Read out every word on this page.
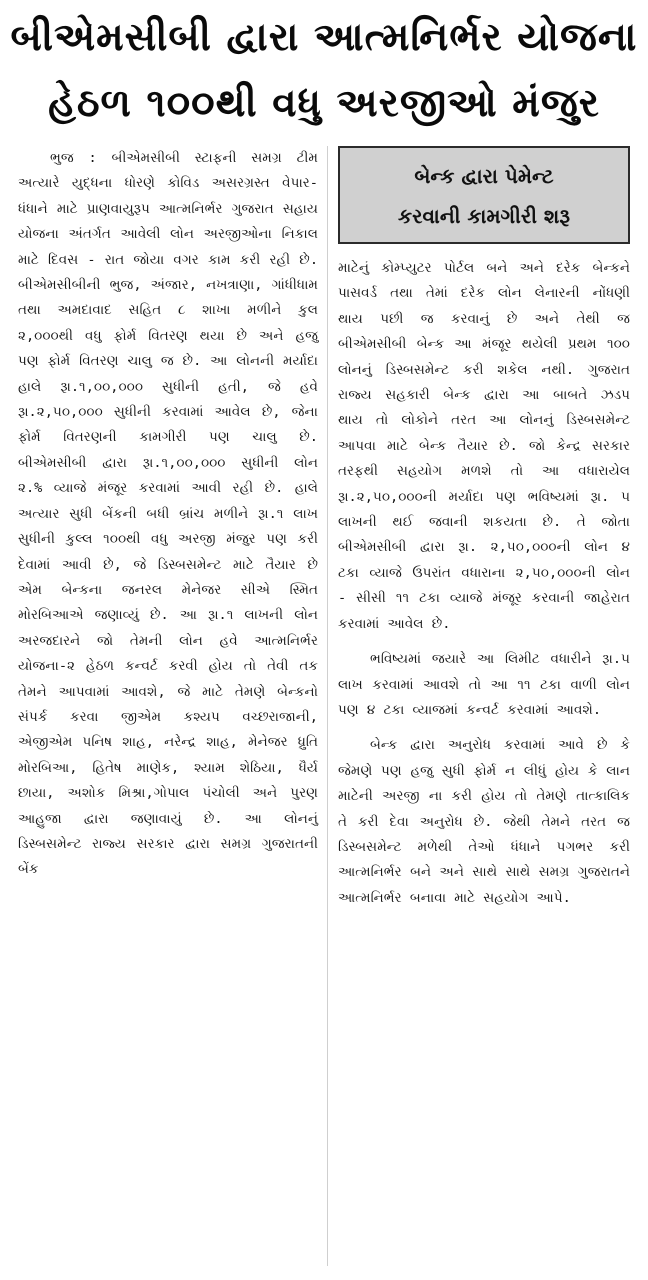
બીએમસીબી દ્વારા આત્મનિર્ભર યોજના
હેઠળ ૧૦૦થી વધુ અરજીઓ મંજુર

ભુજ : બીએમસીબી સ્ટાફની સમગ્ર ટીમ અત્યારે યુદ્ધના ધોરણે કોવિડ અસરગ્રસ્ત વેપાર-ધંધાને માટે પ્રાણવાયુરૂપ આત્મનિર્ભર ગુજરાત સહાય યોજના અંતર્ગત આવેલી લોન અરજીઓના નિકાલ માટે દિવસ - રાત જોયા વગર કામ કરી રહી છે. બીએમસીબીની ભુજ, અંજાર, નખત્રાણા, ગાંધીધામ તથા અમદાવાદ સહિત ૮ શાખા મળીને કુલ ૨,૦૦૦થી વધુ ફોર્મ વિતરણ થયા છે અને હજુ પણ ફોર્મ વિતરણ ચાલુ જ છે. આ લોનની મર્યાદા હાલે રૂા.૧,૦૦,૦૦૦ સુધીની હતી, જે હવે રૂા.૨,૫૦,૦૦૦ સુધીની કરવામાં આવેલ છે, જેના ફોર્મ વિતરણની કામગીરી પણ ચાલુ છે. બીએમસીબી દ્વારા રૂા.૧,૦૦,૦૦૦ સુધીની લોન ૨.% વ્યાજે મંજૂર કરવામાં આવી રહી છે. હાલે અત્યાર સુધી બેંકની બધી બ્રાંચ મળીને રૂા.૧ લાખ સુધીની કુલ્લ ૧૦૦થી વધુ અરજી મંજુર પણ કરી દેવામાં આવી છે, જે ડિસ્બસમેન્ટ માટે તૈયાર છે એમ બેન્કના જનરલ મેનેજર સીએ સ્મિત મોરબિઆએ જણાવ્યું છે. આ રૂા.૧ લાખની લોન અરજદારને જો તેમની લોન હવે આત્મનિર્ભર યોજના-૨ હેઠળ કન્વર્ટ કરવી હોય તો તેવી તક તેમને આપવામાં આવશે, જે માટે તેમણે બેન્કનો સંપર્ક કરવા જીએમ કશ્યપ વચ્છરાજાની, એજીએમ પનિષ શાહ, નરેન્દ્ર શાહ, મેનેજર ધ્રુતિ મોરબિઆ, હિતેષ માણેક, શ્યામ શેઠિયા, ધૈર્ય છાયા, અશોક મિશ્રા,ગોપાલ પંચોલી અને પુરણ આહુજા દ્વારા જણાવાયું છે. આ લોનનું ડિસ્બસમેન્ટ રાજ્ય સરકાર દ્વારા સમગ્ર ગુજરાતની બેંક

બેન્ક દ્વારા પેમેન્ટ
કરવાની કામગીરી શરૂ

માટેનું કોમ્પ્યુટર પોર્ટલ બને અને દરેક બેન્કને પાસવર્ડ તથા તેમાં દરેક લોન લેનારની નોંધણી થાય પછી જ કરવાનું છે અને તેથી જ બીએમસીબી બેન્ક આ મંજૂર થયેલી પ્રથમ ૧૦૦ લોનનું ડિસ્બસમેન્ટ કરી શકેલ નથી. ગુજરાત રાજ્ય સહકારી બેન્ક દ્વારા આ બાબતે ઝડપ થાય તો લોકોને તરત આ લોનનું ડિસ્બસમેન્ટ આપવા માટે બેન્ક તૈયાર છે. જો કેન્દ્ર સરકાર તરફથી સહયોગ મળશે તો આ વધારાયેલ રૂા.૨,૫૦,૦૦૦ની મર્યાદા પણ ભવિષ્યમાં રૂા. ૫ લાખની થઈ જવાની શકયતા છે. તે જોતા બીએમસીબી દ્વારા રૂા. ૨,૫૦,૦૦૦ની લોન ૪ ટકા વ્યાજે ઉપરાંત વધારાના ૨,૫૦,૦૦૦ની લોન - સીસી ૧૧ ટકા વ્યાજે મંજૂર કરવાની જાહેરાત કરવામાં આવેલ છે.

ભવિષ્યમાં જયારે આ લિમીટ વધારીને રૂા.૫ લાખ કરવામાં આવશે તો આ ૧૧ ટકા વાળી લોન પણ ૪ ટકા વ્યાજમાં કન્વર્ટ કરવામાં આવશે.

બેન્ક દ્વારા અનુરોધ કરવામાં આવે છે કે જેમણે પણ હજુ સુધી ફોર્મ ન લીધું હોય કે લાન માટેની અરજી ના કરી હોય તો તેમણે તાત્કાલિક તે કરી દેવા અનુરોધ છે. જેથી તેમને તરત જ ડિસ્બસમેન્ટ મળેથી તેઓ ધંધાને પગભર કરી આત્મનિર્ભર બને અને સાથે સાથે સમગ્ર ગુજરાતને આત્મનિર્ભર બનાવા માટે સહયોગ આપે.
